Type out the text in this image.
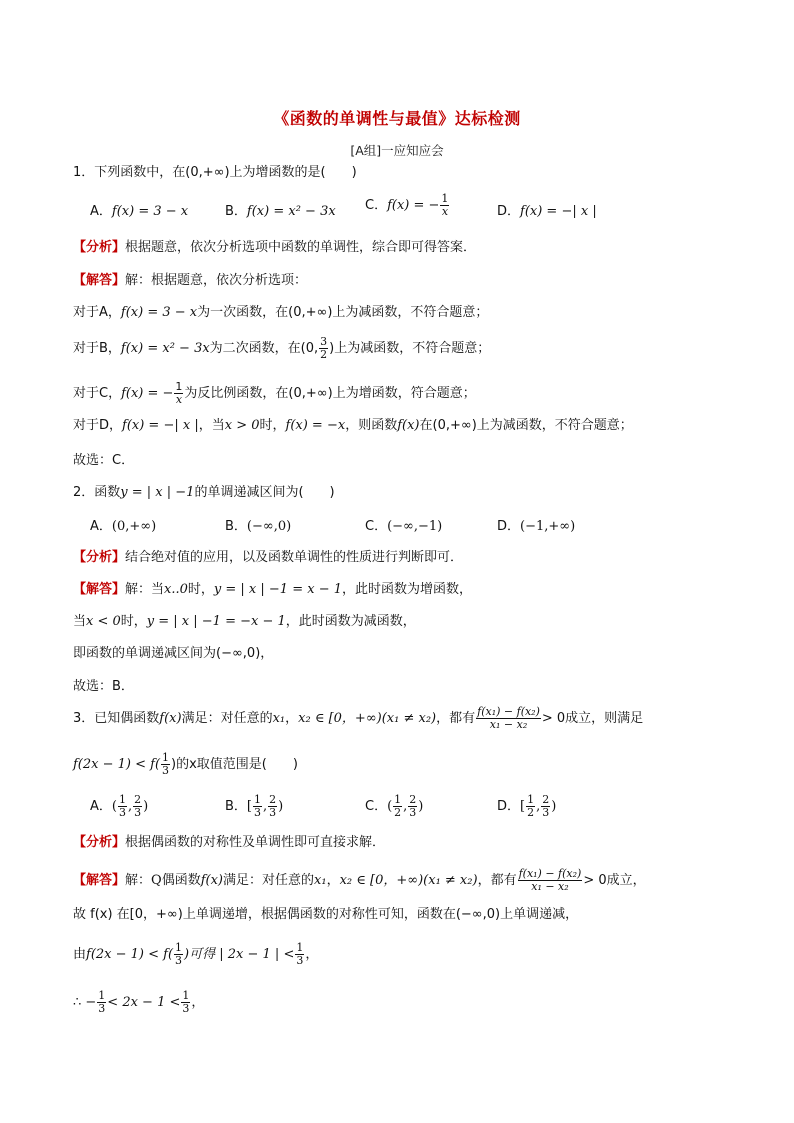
《函数的单调性与最值》达标检测
[A组]一应知应会
1．下列函数中，在(0,+∞)上为增函数的是(　　)
A．f(x) = 3 − x	B．f(x) = x² − 3x C．f(x) = − $\frac{1}{x}$	D．f(x) = −| x |
【分析】根据题意，依次分析选项中函数的单调性，综合即可得答案．
【解答】解：根据题意，依次分析选项：
对于A，f(x) = 3 − x为一次函数，在(0,+∞)上为减函数，不符合题意；
对于B，f(x) = x² − 3x为二次函数，在(0, $\frac{3}{2}$ )上为减函数，不符合题意；
对于C，f(x) = − $\frac{1}{x}$ 为反比例函数，在(0,+∞)上为增函数，符合题意；
对于D，f(x) = −| x |，当x > 0时，f(x) = −x，则函数f(x)在(0,+∞)上为减函数，不符合题意；
故选：C．
2．函数y = | x | −1的单调递减区间为(　　)
A．(0,+∞)	B．(−∞,0)	C．(−∞,−1)	D．(−1,+∞)
【分析】结合绝对值的应用，以及函数单调性的性质进行判断即可．
【解答】解：当x..0时，y = | x | −1 = x − 1，此时函数为增函数，
当x < 0时，y = | x | −1 = −x − 1，此时函数为减函数，
即函数的单调递减区间为(−∞,0)，
故选：B．
3．已知偶函数f(x)满足：对任意的x₁，x₂ ∈ [0，+∞)(x₁ ≠ x₂)，都有 $\frac{\text{f(x₁) − f(x₂)}}{\text{x₁ − x₂}} > 0$成立，则满足
$f(2x - 1) < f( \frac{1}{3}$ )的x取值范围是(　　)
A．( $\frac{1}{3}$ , $\frac{2}{3}$ )	B．[ $\frac{1}{3}$ , $\frac{2}{3}$ )	C．( $\frac{1}{2}$ , $\frac{2}{3}$ )	D．[ $\frac{1}{2}$ , $\frac{2}{3}$ )
【分析】根据偶函数的对称性及单调性即可直接求解．
【解答】解：Q偶函数f(x)满足：对任意的x₁，x₂ ∈ [0，+∞)(x₁ ≠ x₂)，都有 $\frac{\text{f(x₁) − f(x₂)}}{\text{x₁ − x₂}} > 0$成立，
故 f(x) 在[0，+∞)上单调递增，根据偶函数的对称性可知，函数在(−∞,0)上单调递减，
由$f(2x - 1) < f( \frac{1}{3}$ )可得 | 2x − 1 | < $\frac{1}{3}$ ，
∴ − $\frac{1}{3} < 2x - 1 < \frac{1}{3}$ ，
